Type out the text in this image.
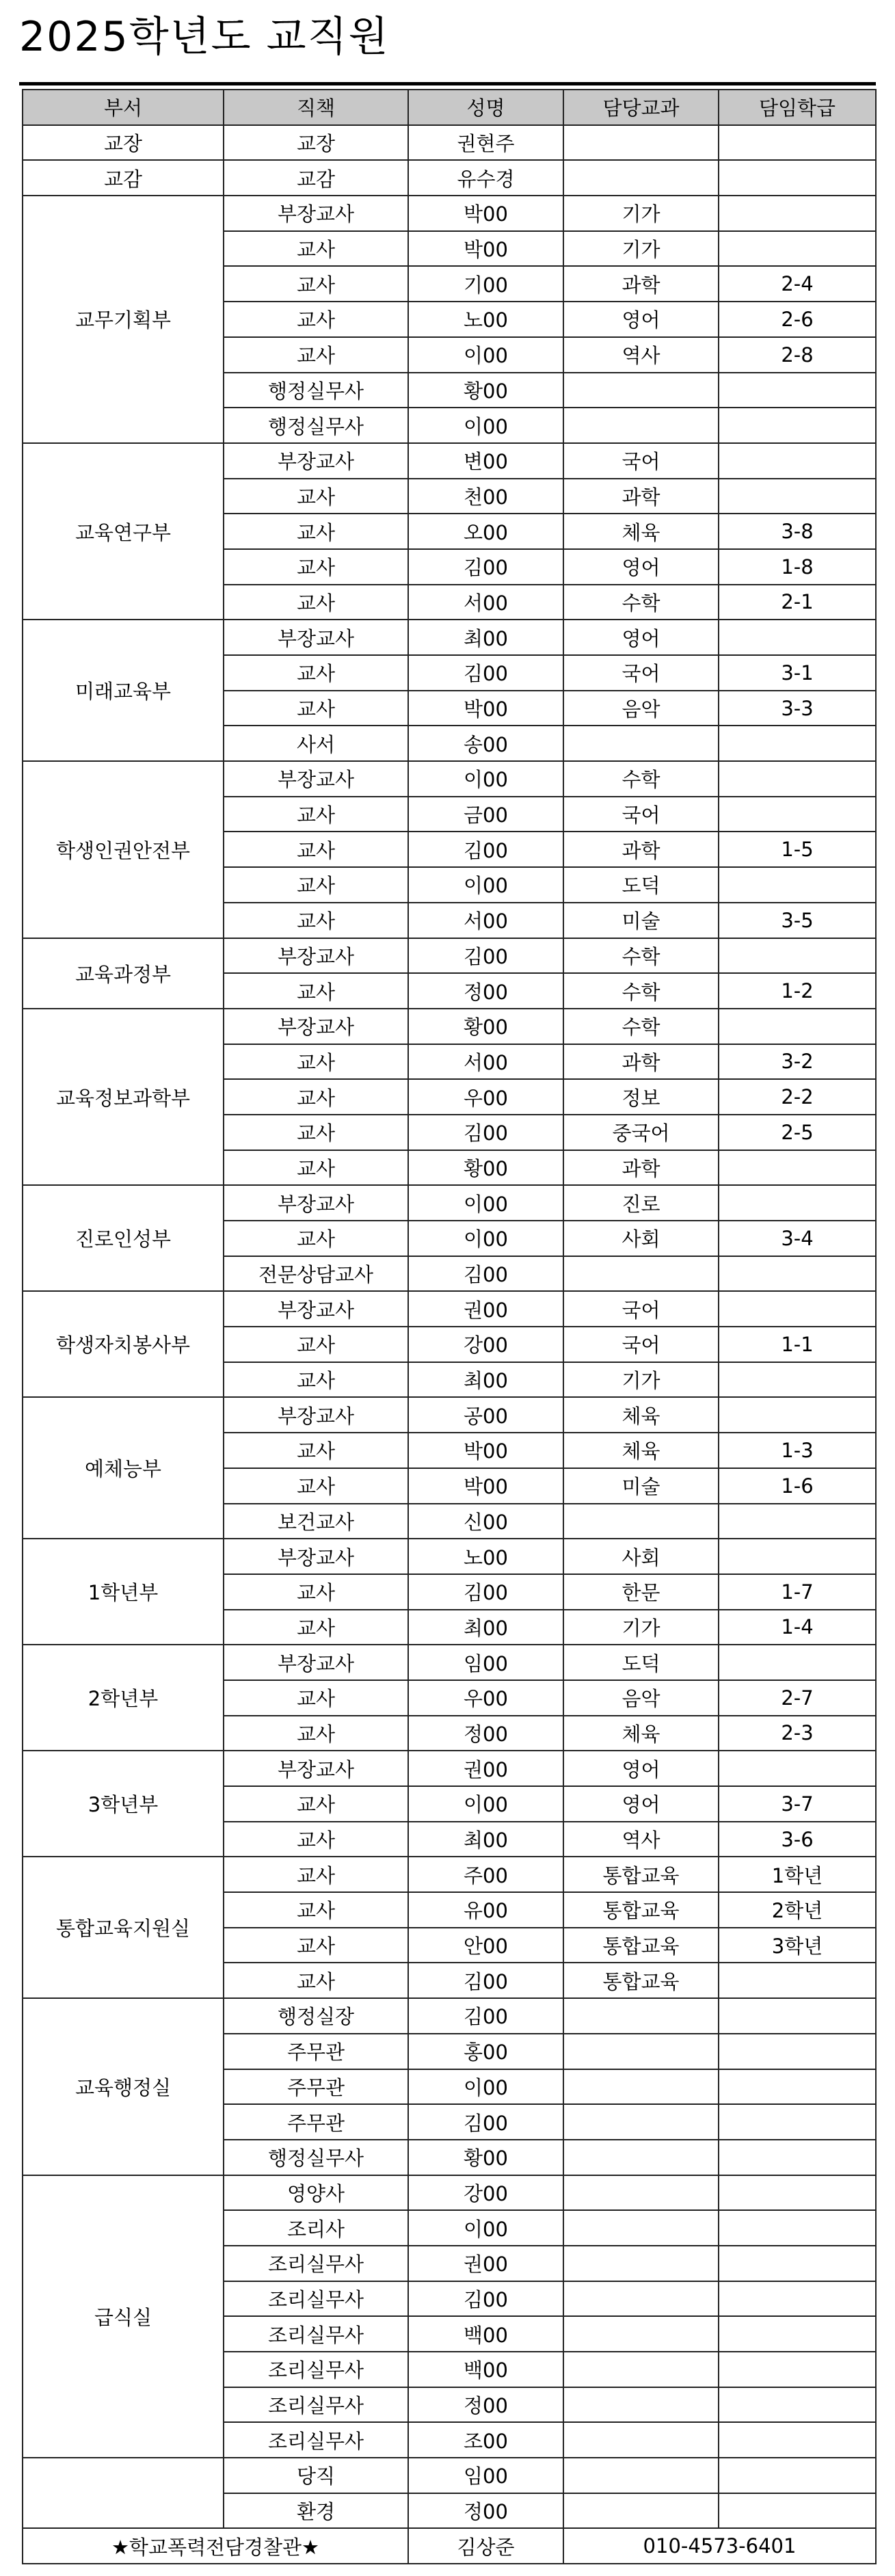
2025학년도 교직원
부서	직책	성명	담당교과	담임학급
교장	교장	권현주		
교감	교감	유수경		
교무기획부	부장교사	박00	기가	
	교사	박00	기가	
	교사	기00	과학	2-4
	교사	노00	영어	2-6
	교사	이00	역사	2-8
	행정실무사	황00		
	행정실무사	이00		
교육연구부	부장교사	변00	국어	
	교사	천00	과학	
	교사	오00	체육	3-8
	교사	김00	영어	1-8
	교사	서00	수학	2-1
미래교육부	부장교사	최00	영어	
	교사	김00	국어	3-1
	교사	박00	음악	3-3
	사서	송00		
학생인권안전부	부장교사	이00	수학	
	교사	금00	국어	
	교사	김00	과학	1-5
	교사	이00	도덕	
	교사	서00	미술	3-5
교육과정부	부장교사	김00	수학	
	교사	정00	수학	1-2
교육정보과학부	부장교사	황00	수학	
	교사	서00	과학	3-2
	교사	우00	정보	2-2
	교사	김00	중국어	2-5
	교사	황00	과학	
진로인성부	부장교사	이00	진로	
	교사	이00	사회	3-4
	전문상담교사	김00		
학생자치봉사부	부장교사	권00	국어	
	교사	강00	국어	1-1
	교사	최00	기가	
예체능부	부장교사	공00	체육	
	교사	박00	체육	1-3
	교사	박00	미술	1-6
	보건교사	신00		
1학년부	부장교사	노00	사회	
	교사	김00	한문	1-7
	교사	최00	기가	1-4
2학년부	부장교사	임00	도덕	
	교사	우00	음악	2-7
	교사	정00	체육	2-3
3학년부	부장교사	권00	영어	
	교사	이00	영어	3-7
	교사	최00	역사	3-6
통합교육지원실	교사	주00	통합교육	1학년
	교사	유00	통합교육	2학년
	교사	안00	통합교육	3학년
	교사	김00	통합교육	
교육행정실	행정실장	김00		
	주무관	홍00		
	주무관	이00		
	주무관	김00		
	행정실무사	황00		
급식실	영양사	강00		
	조리사	이00		
	조리실무사	권00		
	조리실무사	김00		
	조리실무사	백00		
	조리실무사	백00		
	조리실무사	정00		
	조리실무사	조00		
	당직	임00		
	환경	정00		
★학교폭력전담경찰관★		김상준	010-4573-6401	
